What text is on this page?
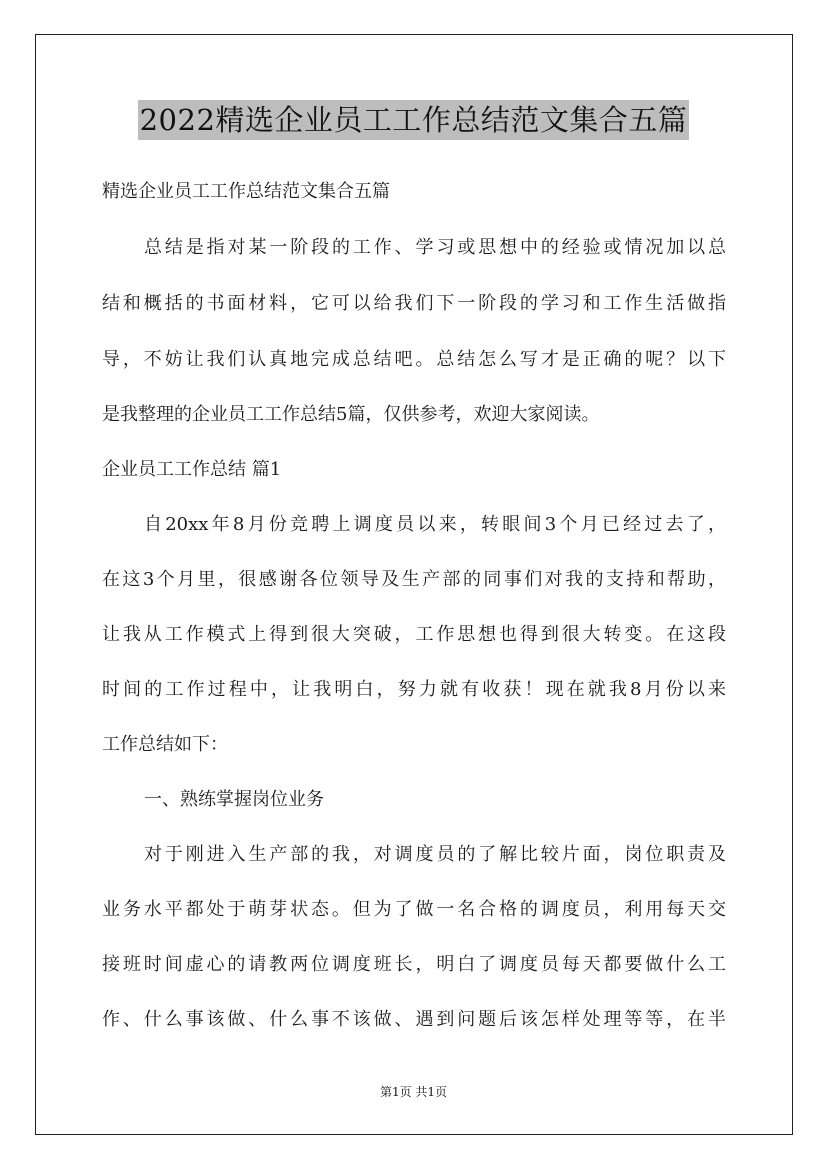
2022精选企业员工工作总结范文集合五篇
精选企业员工工作总结范文集合五篇
总结是指对某一阶段的工作、学习或思想中的经验或情况加以总
结和概括的书面材料，它可以给我们下一阶段的学习和工作生活做指
导，不妨让我们认真地完成总结吧。总结怎么写才是正确的呢？以下
是我整理的企业员工工作总结5篇，仅供参考，欢迎大家阅读。
企业员工工作总结 篇1
自20xx年8月份竞聘上调度员以来，转眼间3个月已经过去了，
在这3个月里，很感谢各位领导及生产部的同事们对我的支持和帮助，
让我从工作模式上得到很大突破，工作思想也得到很大转变。在这段
时间的工作过程中，让我明白，努力就有收获！现在就我8月份以来
工作总结如下：
一、熟练掌握岗位业务
对于刚进入生产部的我，对调度员的了解比较片面，岗位职责及
业务水平都处于萌芽状态。但为了做一名合格的调度员，利用每天交
接班时间虚心的请教两位调度班长，明白了调度员每天都要做什么工
作、什么事该做、什么事不该做、遇到问题后该怎样处理等等，在半
第1页 共1页
